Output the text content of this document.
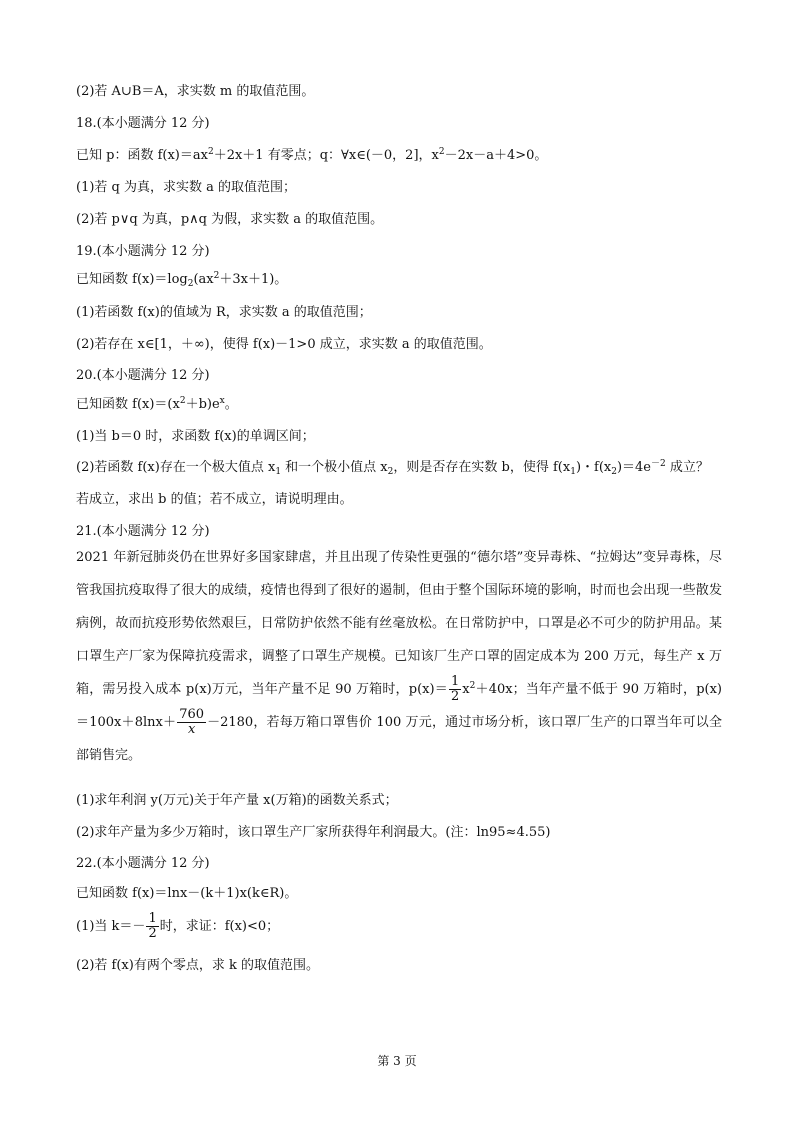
(2)若 A∪B＝A，求实数 m 的取值范围。
18.(本小题满分 12 分)
已知 p：函数 $f(x)=ax^2+2x+1$ 有零点；q：∀x∈(－0，2]，$x^2-2x-a+4>0$。
(1)若 q 为真，求实数 a 的取值范围；
(2)若 p∨q 为真，p∧q 为假，求实数 a 的取值范围。
19.(本小题满分 12 分)
已知函数 $f(x)=\log_2(ax^2+3x+1)$。
(1)若函数 f(x)的值域为 R，求实数 a 的取值范围；
(2)若存在 x∈[1，＋∞)，使得 f(x)－1>0 成立，求实数 a 的取值范围。
20.(本小题满分 12 分)
已知函数 $f(x)=(x^2+b)e^x$。
(1)当 b＝0 时，求函数 f(x)的单调区间；
(2)若函数 f(x)存在一个极大值点 $x_1$ 和一个极小值点 $x_2$，则是否存在实数 b，使得 $f(x_1)$・$f(x_2)=4e^{-2}$ 成立？
若成立，求出 b 的值；若不成立，请说明理由。
21.(本小题满分 12 分)
2021 年新冠肺炎仍在世界好多国家肆虐，并且出现了传染性更强的“德尔塔”变异毒株、“拉姆达”变异毒株，尽管我国抗疫取得了很大的成绩，疫情也得到了很好的遏制，但由于整个国际环境的影响，时而也会出现一些散发病例，故而抗疫形势依然艰巨，日常防护依然不能有丝毫放松。在日常防护中，口罩是必不可少的防护用品。某口罩生产厂家为保障抗疫需求，调整了口罩生产规模。已知该厂生产口罩的固定成本为 200 万元，每生产 x 万箱，需另投入成本 p(x)万元，当年产量不足 90 万箱时，$p(x)= \frac{1}{2} x^2+40x$；当年产量不低于 90 万箱时，$p(x)=100x+8\ln x+ \frac{760}{x} -2180$，若每万箱口罩售价 100 万元，通过市场分析，该口罩厂生产的口罩当年可以全部销售完。
(1)求年利润 y(万元)关于年产量 x(万箱)的函数关系式；
(2)求年产量为多少万箱时，该口罩生产厂家所获得年利润最大。(注：ln95≈4.55)
22.(本小题满分 12 分)
已知函数 f(x)＝lnx－(k＋1)x(k∈R)。
(1)当 $k=- \frac{1}{2}$ 时，求证：f(x)<0；
(2)若 f(x)有两个零点，求 k 的取值范围。
第 3 页
